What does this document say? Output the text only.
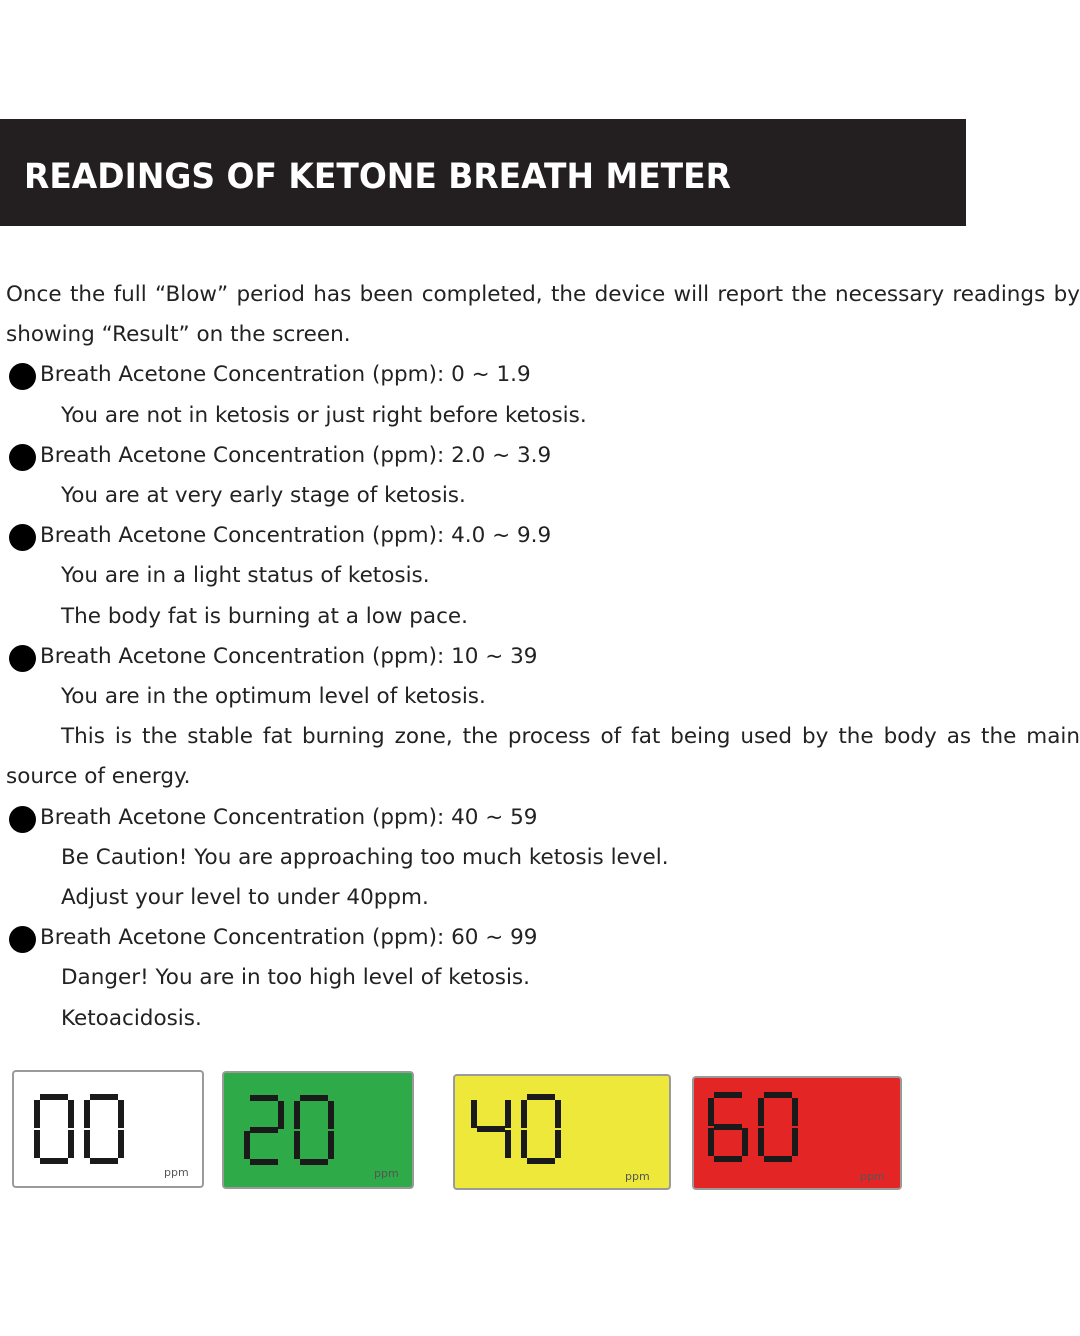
READINGS OF KETONE BREATH METER
Once the full “Blow” period has been completed, the device will report the necessary readings by
showing “Result” on the screen.
Breath Acetone Concentration (ppm): 0 ~ 1.9
You are not in ketosis or just right before ketosis.
Breath Acetone Concentration (ppm): 2.0 ~ 3.9
You are at very early stage of ketosis.
Breath Acetone Concentration (ppm): 4.0 ~ 9.9
You are in a light status of ketosis.
The body fat is burning at a low pace.
Breath Acetone Concentration (ppm): 10 ~ 39
You are in the optimum level of ketosis.
This is the stable fat burning zone, the process of fat being used by the body as the main
source of energy.
Breath Acetone Concentration (ppm): 40 ~ 59
Be Caution! You are approaching too much ketosis level.
Adjust your level to under 40ppm.
Breath Acetone Concentration (ppm): 60 ~ 99
Danger! You are in too high level of ketosis.
Ketoacidosis.
ppm	ppm	ppm	ppm
